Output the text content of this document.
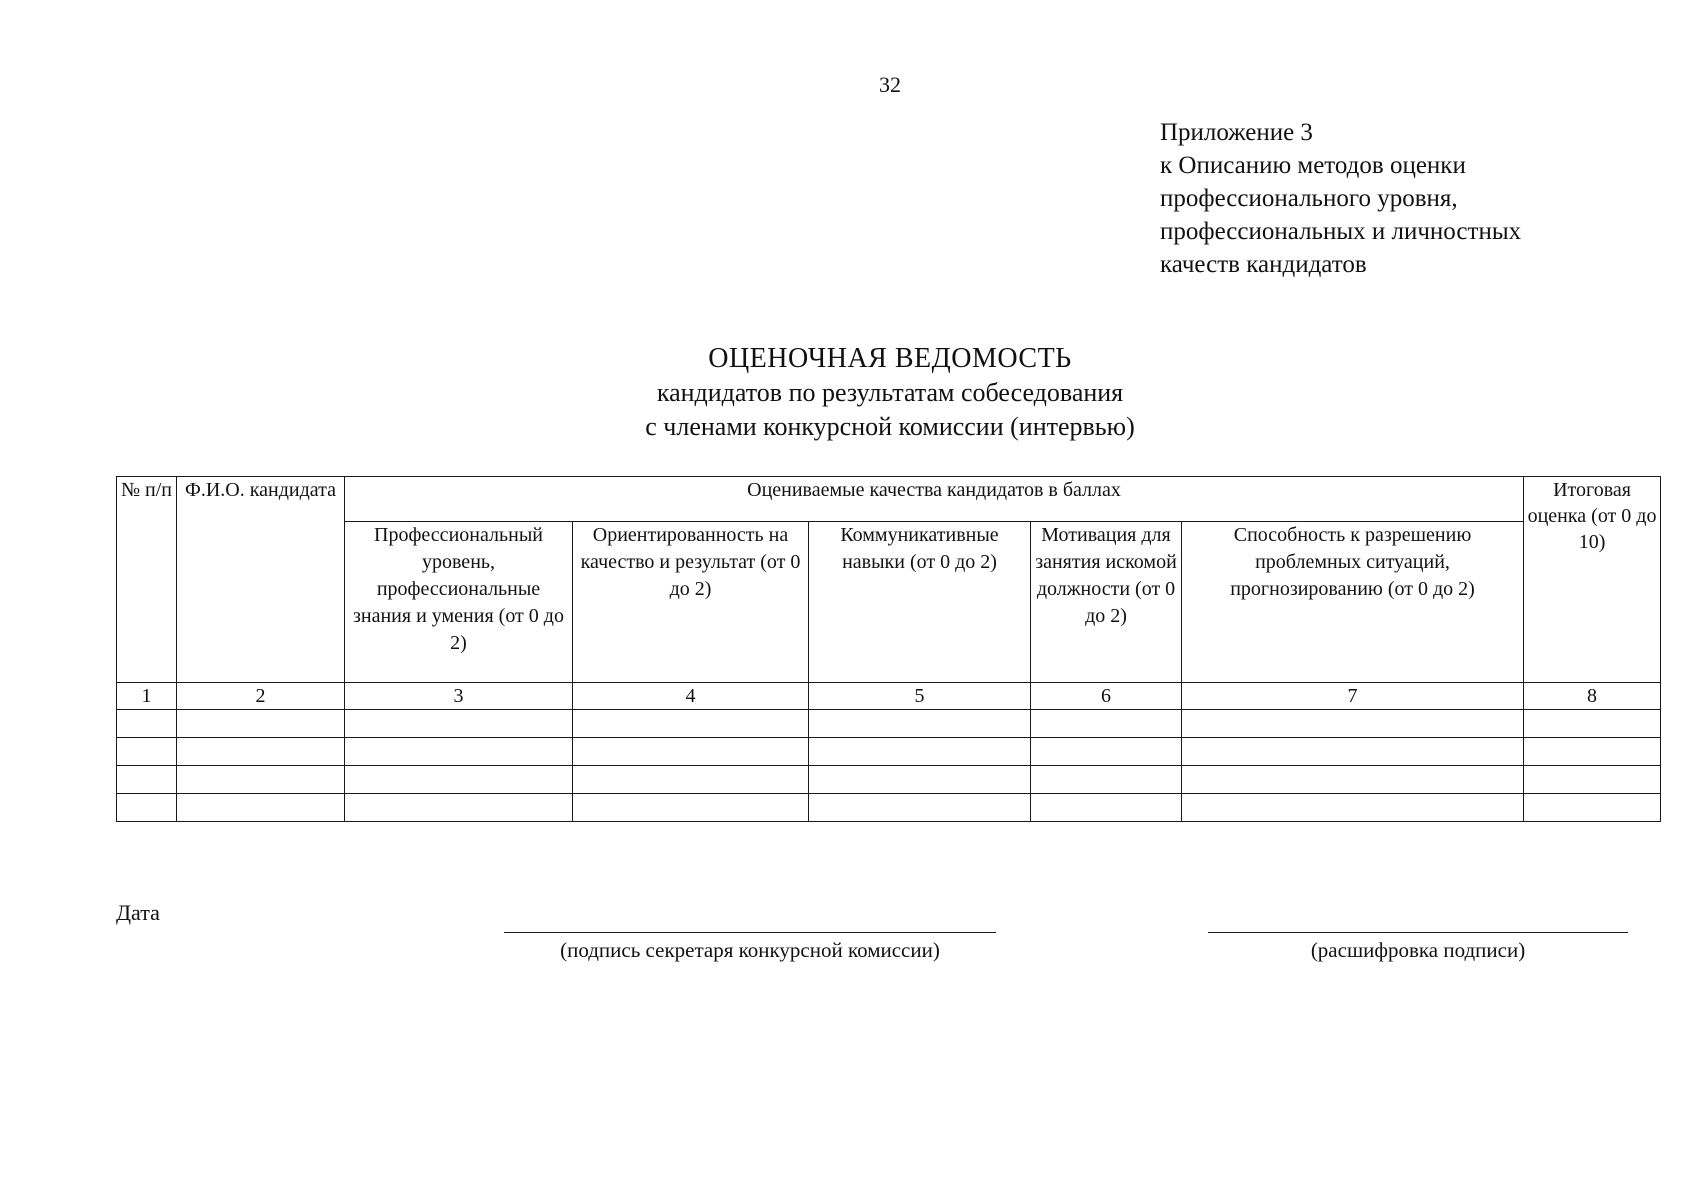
32
Приложение 3
к Описанию методов оценки
профессионального уровня,
профессиональных и личностных
качеств кандидатов
ОЦЕНОЧНАЯ ВЕДОМОСТЬ
кандидатов по результатам собеседования
с членами конкурсной комиссии (интервью)
№ п/п	Ф.И.О. кандидата	Оцениваемые качества кандидатов в баллах					Итоговая оценка (от 0 до 10)
		Профессиональный уровень, профессиональные знания и умения (от 0 до 2)	Ориентированность на качество и результат (от 0 до 2)	Коммуникативные навыки (от 0 до 2)	Мотивация для занятия искомой должности (от 0 до 2)	Способность к разрешению проблемных ситуаций, прогнозированию (от 0 до 2)	
1	2	3	4	5	6	7	8

Дата
(подпись секретаря конкурсной комиссии)	(расшифровка подписи)
